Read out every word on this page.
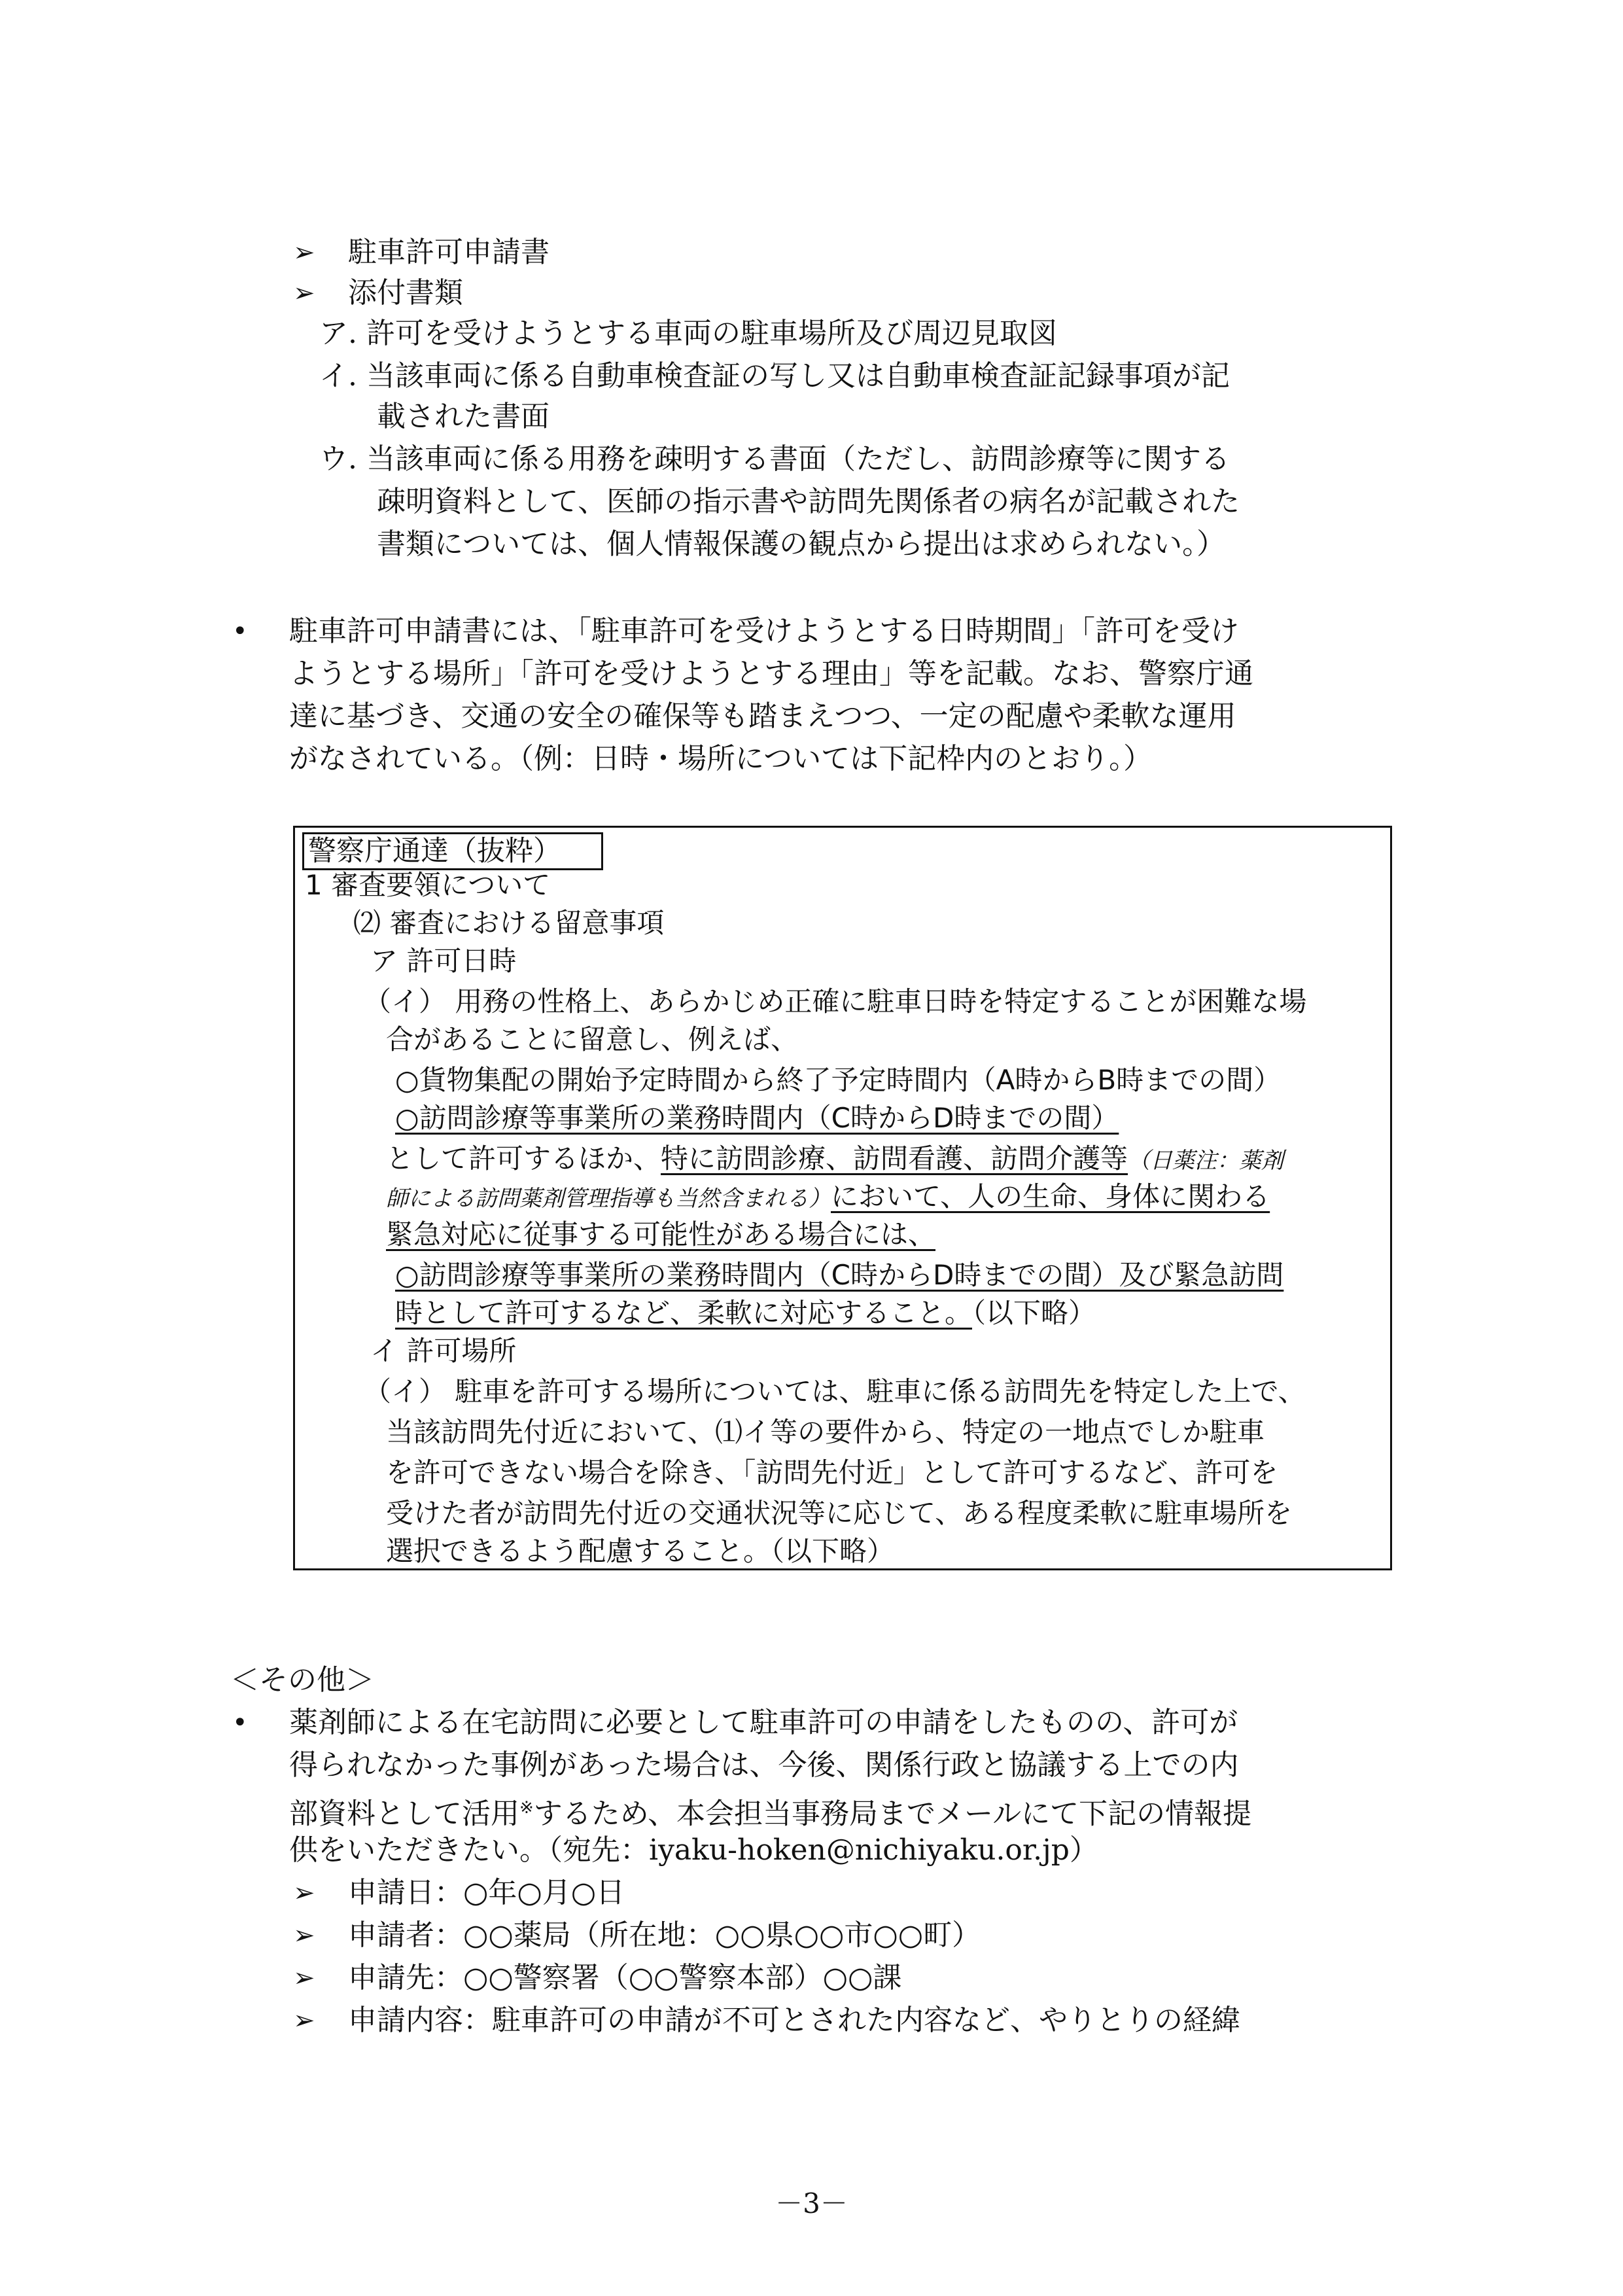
➢ 駐車許可申請書
➢ 添付書類
ア. 許可を受けようとする車両の駐車場所及び周辺見取図
イ. 当該車両に係る自動車検査証の写し又は自動車検査証記録事項が記
載された書面
ウ. 当該車両に係る用務を疎明する書面（ただし、訪問診療等に関する
疎明資料として、医師の指示書や訪問先関係者の病名が記載された
書類については、個人情報保護の観点から提出は求められない。）
• 駐車許可申請書には、「駐車許可を受けようとする日時期間」「許可を受け
ようとする場所」「許可を受けようとする理由」等を記載。なお、警察庁通
達に基づき、交通の安全の確保等も踏まえつつ、一定の配慮や柔軟な運用
がなされている。（例：日時・場所については下記枠内のとおり。）
警察庁通達（抜粋）
1 審査要領について
⑵ 審査における留意事項
ア 許可日時
（イ） 用務の性格上、あらかじめ正確に駐車日時を特定することが困難な場
合があることに留意し、例えば、
○貨物集配の開始予定時間から終了予定時間内（A時からB時までの間）
○訪問診療等事業所の業務時間内（C時からD時までの間）
として許可するほか、特に訪問診療、訪問看護、訪問介護等（日薬注：薬剤
師による訪問薬剤管理指導も当然含まれる）において、人の生命、身体に関わる
緊急対応に従事する可能性がある場合には、
○訪問診療等事業所の業務時間内（C時からD時までの間）及び緊急訪問
時として許可するなど、柔軟に対応すること。（以下略）
イ 許可場所
（イ） 駐車を許可する場所については、駐車に係る訪問先を特定した上で、
当該訪問先付近において、⑴イ等の要件から、特定の一地点でしか駐車
を許可できない場合を除き、「訪問先付近」として許可するなど、許可を
受けた者が訪問先付近の交通状況等に応じて、ある程度柔軟に駐車場所を
選択できるよう配慮すること。（以下略）
＜その他＞
• 薬剤師による在宅訪問に必要として駐車許可の申請をしたものの、許可が
得られなかった事例があった場合は、今後、関係行政と協議する上での内
部資料として活用※するため、本会担当事務局までメールにて下記の情報提
供をいただきたい。（宛先：iyaku-hoken@nichiyaku.or.jp）
➢ 申請日：○年○月○日
➢ 申請者：○○薬局（所在地：○○県○○市○○町）
➢ 申請先：○○警察署（○○警察本部）○○課
➢ 申請内容：駐車許可の申請が不可とされた内容など、やりとりの経緯
－3－
